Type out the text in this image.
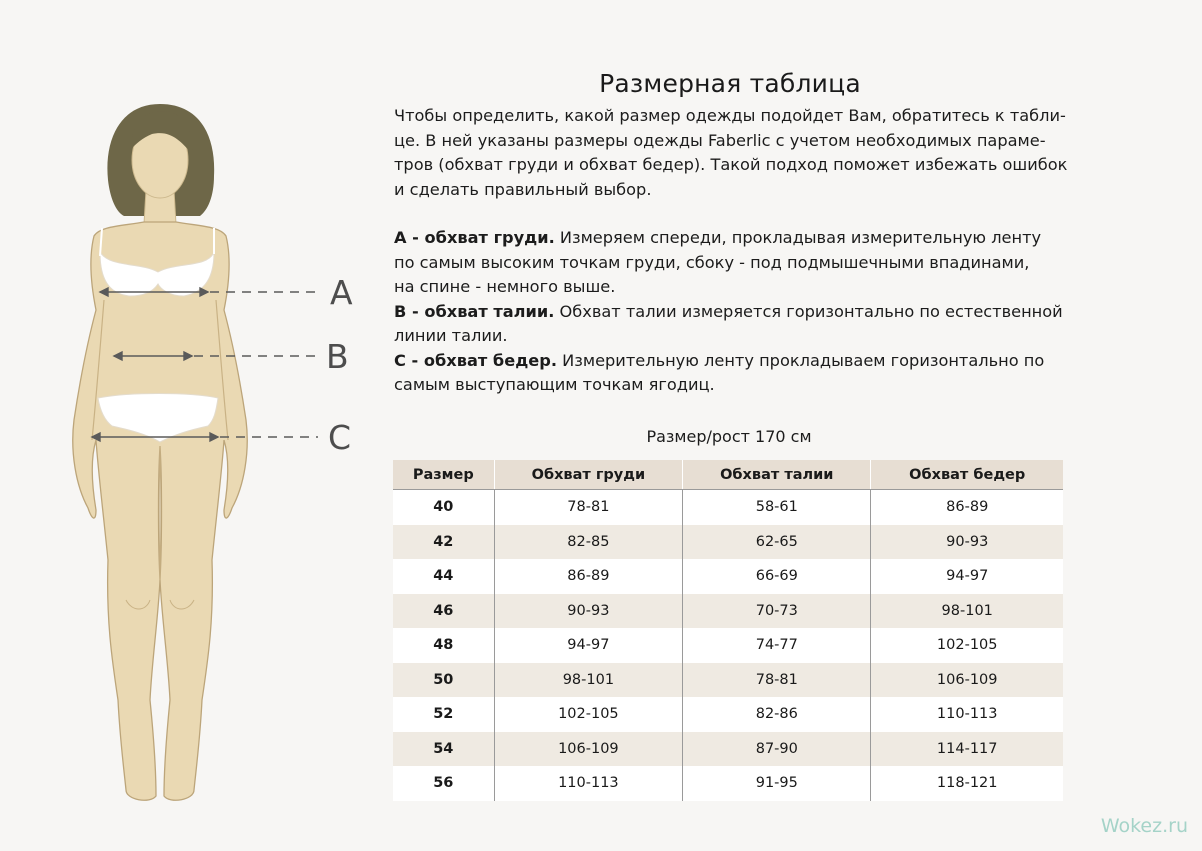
A
B
C
Размерная таблица

Чтобы определить, какой размер одежды подойдет Вам, обратитесь к табли-
це. В ней указаны размеры одежды Faberlic с учетом необходимых параме-
тров (обхват груди и обхват бедер). Такой подход поможет избежать ошибок
и сделать правильный выбор.

А - обхват груди. Измеряем спереди, прокладывая измерительную ленту
по самым высоким точкам груди, сбоку - под подмышечными впадинами,
на спине - немного выше.

В - обхват талии. Обхват талии измеряется горизонтально по естественной
линии талии.

С - обхват бедер. Измерительную ленту прокладываем горизонтально по
самым выступающим точкам ягодиц.

Размер/рост 170 см
Размер	Обхват груди	Обхват талии	Обхват бедер
40	78-81	58-61	86-89
42	82-85	62-65	90-93
44	86-89	66-69	94-97
46	90-93	70-73	98-101
48	94-97	74-77	102-105
50	98-101	78-81	106-109
52	102-105	82-86	110-113
54	106-109	87-90	114-117
56	110-113	91-95	118-121
Wokez.ru
